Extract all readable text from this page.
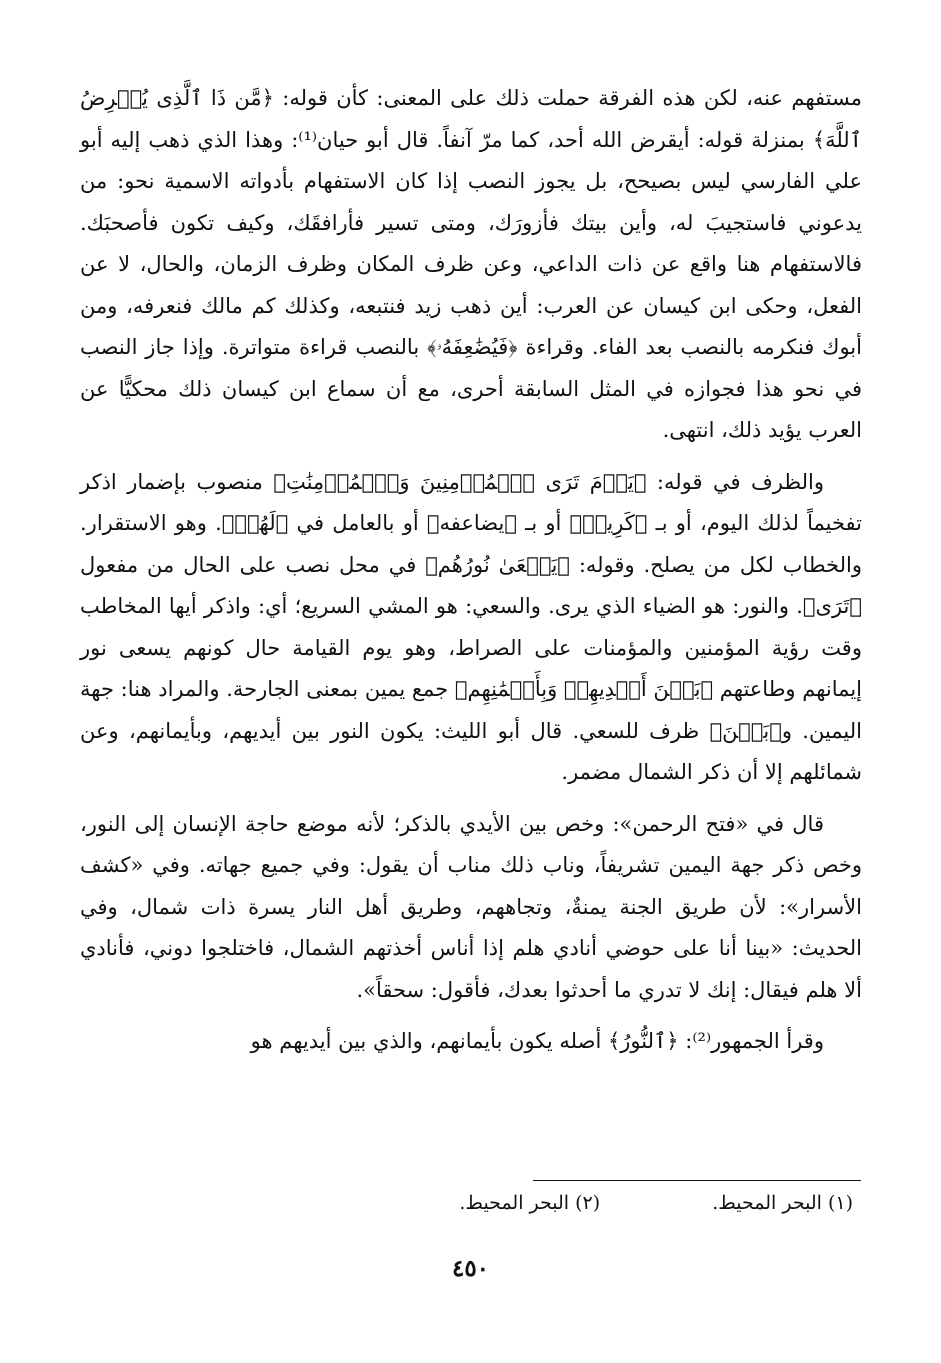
مستفهم عنه، لكن هذه الفرقة حملت ذلك على المعنى: كأن قوله: ﴿مَّن ذَا ٱلَّذِى يُقۡرِضُ ٱللَّهَ﴾ بمنزلة قوله: أيقرض الله أحد، كما مرّ آنفاً. قال أبو حيان⁽¹⁾: وهذا الذي ذهب إليه أبو علي الفارسي ليس بصيحح، بل يجوز النصب إذا كان الاستفهام بأدواته الاسمية نحو: من يدعوني فاستجيبَ له، وأين بيتك فأزورَك، ومتى تسير فأرافقَك، وكيف تكون فأصحبَك. فالاستفهام هنا واقع عن ذات الداعي، وعن ظرف المكان وظرف الزمان، والحال، لا عن الفعل، وحكى ابن كيسان عن العرب: أين ذهب زيد فنتبعه، وكذلك كم مالك فنعرفه، ومن أبوك فنكرمه بالنصب بعد الفاء. وقراءة ﴿فَيُضَٰعِفَهُۥ﴾ بالنصب قراءة متواترة. وإذا جاز النصب في نحو هذا فجوازه في المثل السابقة أحرى، مع أن سماع ابن كيسان ذلك محكيًّا عن العرب يؤيد ذلك، انتهى.

والظرف في قوله: ﴿يَوۡمَ تَرَى ٱلۡمُؤۡمِنِينَ وَٱلۡمُؤۡمِنَٰتِ﴾ منصوب بإضمار اذكر تفخيماً لذلك اليوم، أو بـ ﴿كَرِيمٞ﴾ أو بـ ﴿يضاعفه﴾ أو بالعامل في ﴿لَهُمۡ﴾. وهو الاستقرار. والخطاب لكل من يصلح. وقوله: ﴿يَسۡعَىٰ نُورُهُم﴾ في محل نصب على الحال من مفعول ﴿تَرَى﴾. والنور: هو الضياء الذي يرى. والسعي: هو المشي السريع؛ أي: واذكر أيها المخاطب وقت رؤية المؤمنين والمؤمنات على الصراط، وهو يوم القيامة حال كونهم يسعى نور إيمانهم وطاعتهم ﴿بَيۡنَ أَيۡدِيهِمۡ وَبِأَيۡمَٰنِهِم﴾ جمع يمين بمعنى الجارحة. والمراد هنا: جهة اليمين. و﴿بَيۡنَ﴾ ظرف للسعي. قال أبو الليث: يكون النور بين أيديهم، وبأيمانهم، وعن شمائلهم إلا أن ذكر الشمال مضمر.

قال في «فتح الرحمن»: وخص بين الأيدي بالذكر؛ لأنه موضع حاجة الإنسان إلى النور، وخص ذكر جهة اليمين تشريفاً، وناب ذلك مناب أن يقول: وفي جميع جهاته. وفي «كشف الأسرار»: لأن طريق الجنة يمنةٌ، وتجاههم، وطريق أهل النار يسرة ذات شمال، وفي الحديث: «بينا أنا على حوضي أنادي هلم إذا أناس أخذتهم الشمال، فاختلجوا دوني، فأنادي ألا هلم فيقال: إنك لا تدري ما أحدثوا بعدك، فأقول: سحقاً».

وقرأ الجمهور⁽²⁾: ﴿ٱلنُّورُ﴾ أصله يكون بأيمانهم، والذي بين أيديهم هو

(١) البحر المحيط.
(٢) البحر المحيط.
٤٥٠
